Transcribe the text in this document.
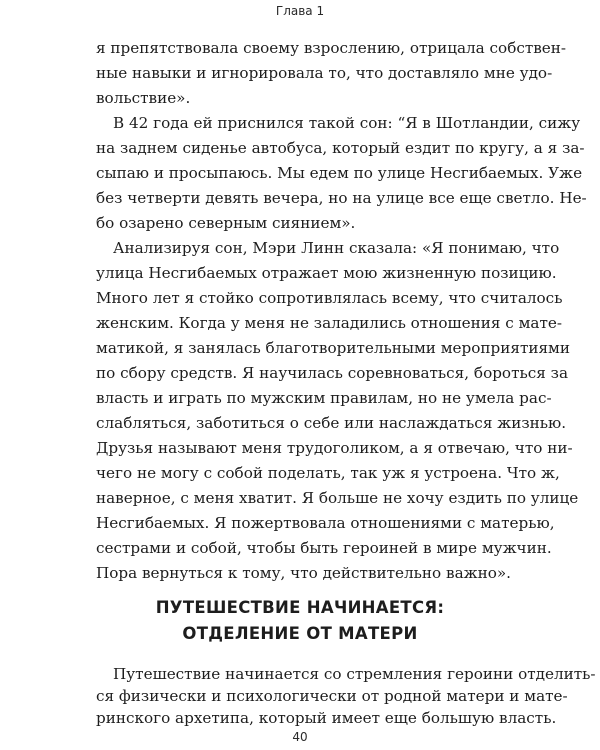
Глава 1
я препятствовала своему взрослению, отрицала собствен-
ные навыки и игнорировала то, что доставляло мне удо-
вольствие».
В 42 года ей приснился такой сон: “Я в Шотландии, сижу
на заднем сиденье автобуса, который ездит по кругу, а я за-
сыпаю и просыпаюсь. Мы едем по улице Несгибаемых. Уже
без четверти девять вечера, но на улице все еще светло. Не-
бо озарено северным сиянием».
Анализируя сон, Мэри Линн сказала: «Я понимаю, что
улица Несгибаемых отражает мою жизненную позицию.
Много лет я стойко сопротивлялась всему, что считалось
женским. Когда у меня не заладились отношения с мате-
матикой, я занялась благотворительными мероприятиями
по сбору средств. Я научилась соревноваться, бороться за
власть и играть по мужским правилам, но не умела рас-
слабляться, заботиться о себе или наслаждаться жизнью.
Друзья называют меня трудоголиком, а я отвечаю, что ни-
чего не могу с собой поделать, так уж я устроена. Что ж,
наверное, с меня хватит. Я больше не хочу ездить по улице
Несгибаемых. Я пожертвовала отношениями с матерью,
сестрами и собой, чтобы быть героиней в мире мужчин.
Пора вернуться к тому, что действительно важно».
ПУТЕШЕСТВИЕ НАЧИНАЕТСЯ:
ОТДЕЛЕНИЕ ОТ МАТЕРИ
Путешествие начинается со стремления героини отделить-
ся физически и психологически от родной матери и мате-
ринского архетипа, который имеет еще большую власть.
40
